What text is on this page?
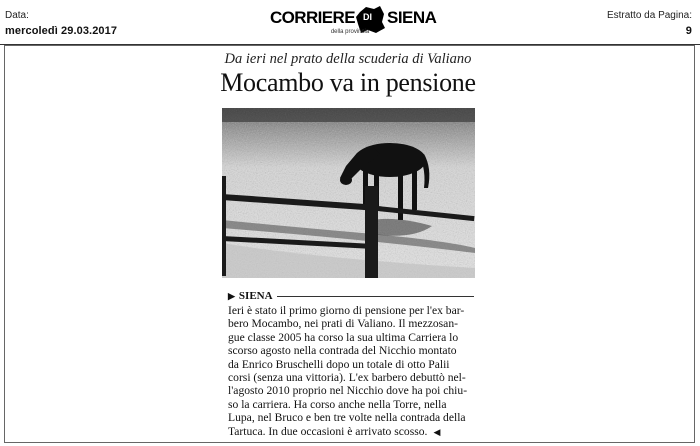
Data:
mercoledì 29.03.2017
CORRIERE DI SIENA
della provincia
Estratto da Pagina:
9
Da ieri nel prato della scuderia di Valiano
Mocambo va in pensione
▶ SIENA
Ieri è stato il primo giorno di pensione per l'ex bar-
bero Mocambo, nei prati di Valiano. Il mezzosan-
gue classe 2005 ha corso la sua ultima Carriera lo
scorso agosto nella contrada del Nicchio montato
da Enrico Bruschelli dopo un totale di otto Palii
corsi (senza una vittoria). L'ex barbero debuttò nel-
l'agosto 2010 proprio nel Nicchio dove ha poi chiu-
so la carriera. Ha corso anche nella Torre, nella
Lupa, nel Bruco e ben tre volte nella contrada della
Tartuca. In due occasioni è arrivato scosso. ◀
